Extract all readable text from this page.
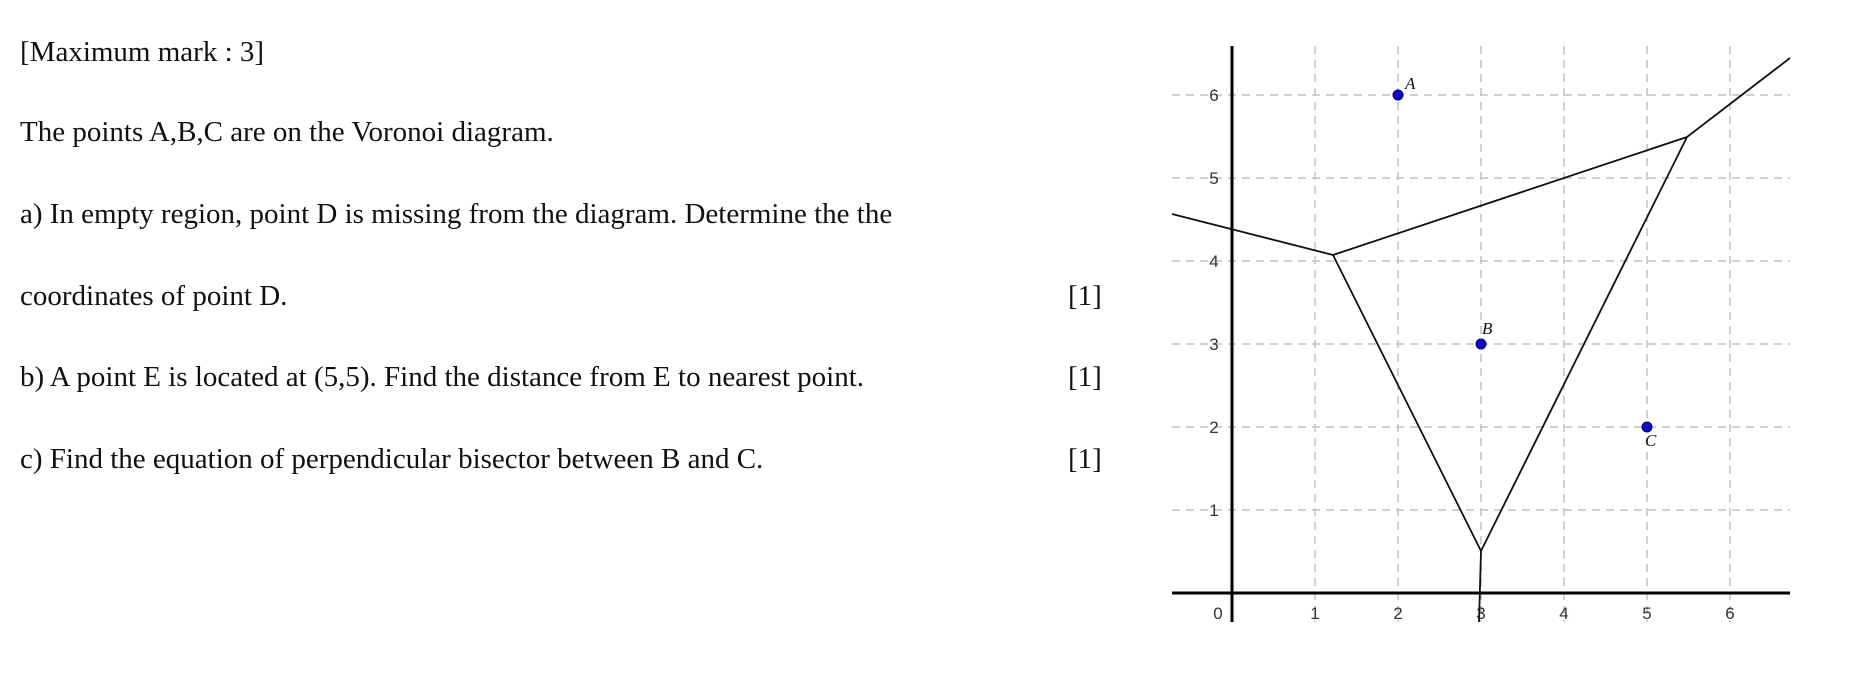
[Maximum mark : 3]
The points A,B,C are on the Voronoi diagram.
a) In empty region, point D is missing from the diagram. Determine the the
coordinates of point D.	[1]
b) A point E is located at (5,5). Find the distance from E to nearest point.	[1]
c) Find the equation of perpendicular bisector between B and C.	[1]
0	1	2	3	4	5	6
1
2
3
4
5
6
A
B
C
